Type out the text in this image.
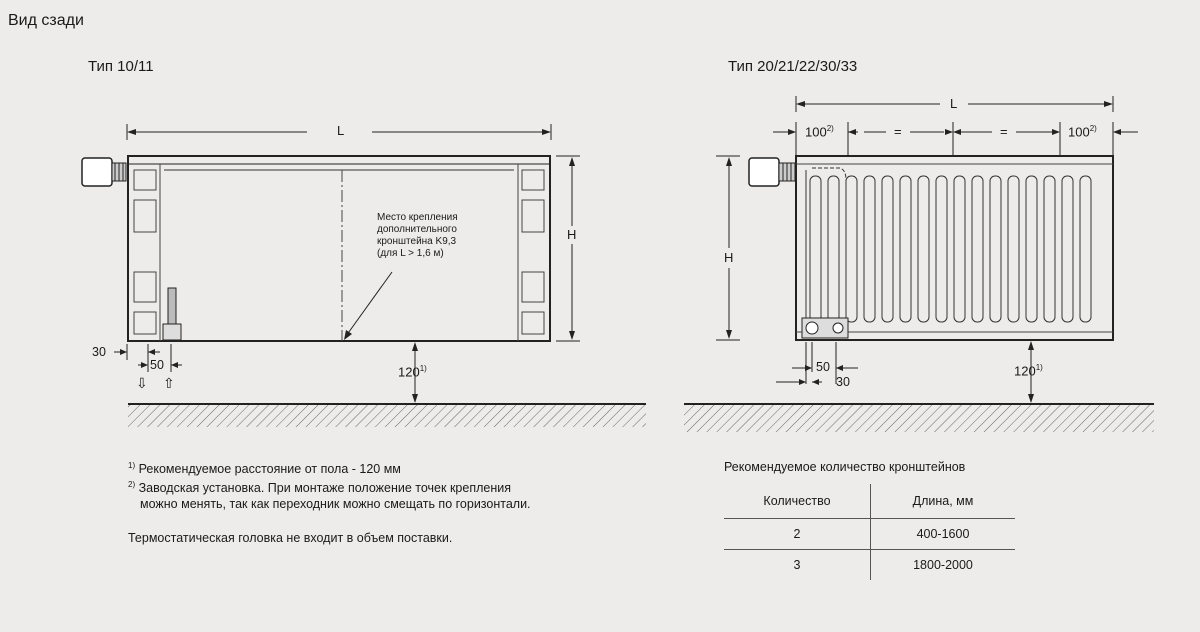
Вид сзади
Тип 10/11	Тип 20/21/22/30/33
L
H
Место крепления
дополнительного
кронштейна K9,3
(для L > 1,6 м)
30
50
⇩ ⇧
120$^{1)}$
L
H
$100^{2)}$	=	=	$100^{2)}$
50
30
120$^{1)}$
$^{1)}$ Рекомендуемое расстояние от пола - 120 мм
$^{2)}$ Заводская установка. При монтаже положение точек крепления
можно менять, так как переходник можно смещать по горизонтали.
Термостатическая головка не входит в объем поставки.
Рекомендуемое количество кронштейнов
Количество	Длина, мм
2	400-1600
3	1800-2000
